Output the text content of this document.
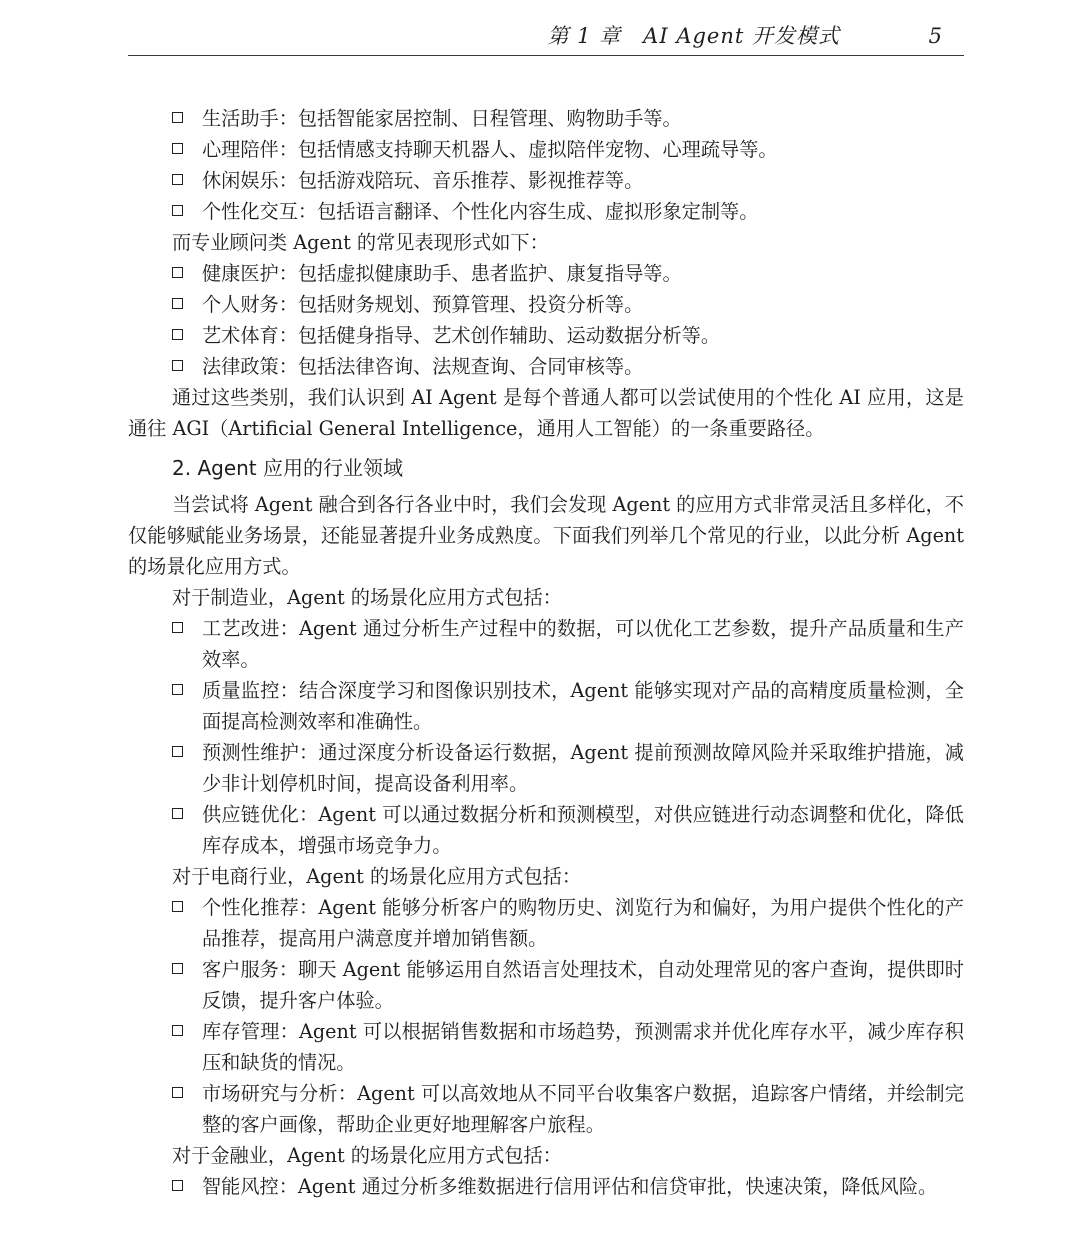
第 1 章　AI Agent 开发模式	5
生活助手：包括智能家居控制、日程管理、购物助手等。
心理陪伴：包括情感支持聊天机器人、虚拟陪伴宠物、心理疏导等。
休闲娱乐：包括游戏陪玩、音乐推荐、影视推荐等。
个性化交互：包括语言翻译、个性化内容生成、虚拟形象定制等。
而专业顾问类 Agent 的常见表现形式如下：
健康医护：包括虚拟健康助手、患者监护、康复指导等。
个人财务：包括财务规划、预算管理、投资分析等。
艺术体育：包括健身指导、艺术创作辅助、运动数据分析等。
法律政策：包括法律咨询、法规查询、合同审核等。
通过这些类别，我们认识到 AI Agent 是每个普通人都可以尝试使用的个性化 AI 应用，这是通往 AGI（Artificial General Intelligence，通用人工智能）的一条重要路径。
2. Agent 应用的行业领域
当尝试将 Agent 融合到各行各业中时，我们会发现 Agent 的应用方式非常灵活且多样化，不仅能够赋能业务场景，还能显著提升业务成熟度。下面我们列举几个常见的行业，以此分析 Agent 的场景化应用方式。
对于制造业，Agent 的场景化应用方式包括：
工艺改进：Agent 通过分析生产过程中的数据，可以优化工艺参数，提升产品质量和生产效率。
质量监控：结合深度学习和图像识别技术，Agent 能够实现对产品的高精度质量检测，全面提高检测效率和准确性。
预测性维护：通过深度分析设备运行数据，Agent 提前预测故障风险并采取维护措施，减少非计划停机时间，提高设备利用率。
供应链优化：Agent 可以通过数据分析和预测模型，对供应链进行动态调整和优化，降低库存成本，增强市场竞争力。
对于电商行业，Agent 的场景化应用方式包括：
个性化推荐：Agent 能够分析客户的购物历史、浏览行为和偏好，为用户提供个性化的产品推荐，提高用户满意度并增加销售额。
客户服务：聊天 Agent 能够运用自然语言处理技术，自动处理常见的客户查询，提供即时反馈，提升客户体验。
库存管理：Agent 可以根据销售数据和市场趋势，预测需求并优化库存水平，减少库存积压和缺货的情况。
市场研究与分析：Agent 可以高效地从不同平台收集客户数据，追踪客户情绪，并绘制完整的客户画像，帮助企业更好地理解客户旅程。
对于金融业，Agent 的场景化应用方式包括：
智能风控：Agent 通过分析多维数据进行信用评估和信贷审批，快速决策，降低风险。
